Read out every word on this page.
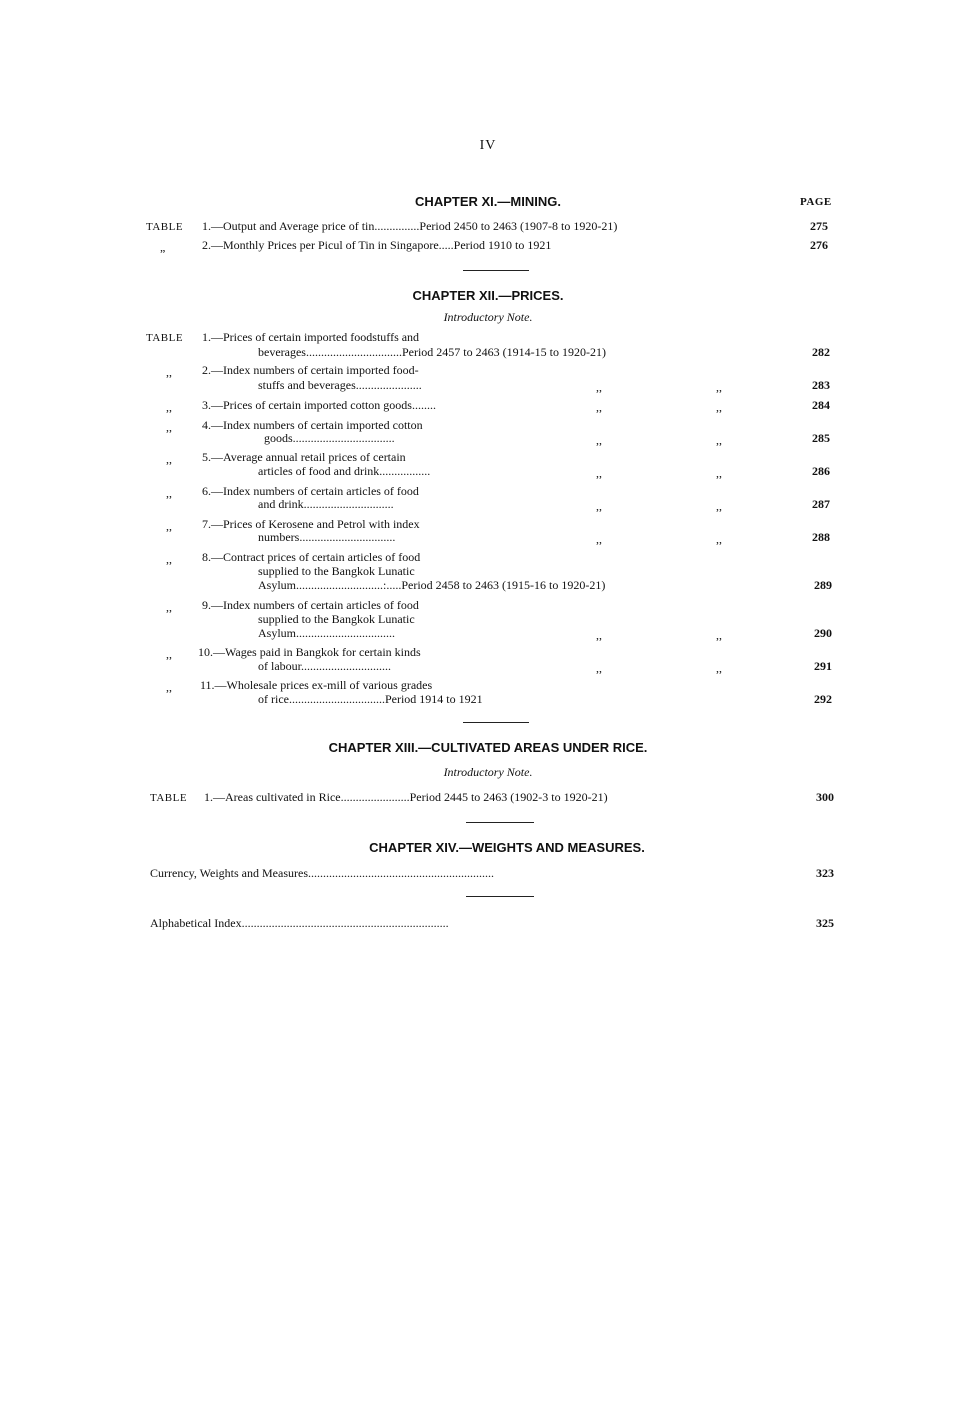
IV
CHAPTER XI.—MINING.	PAGE
TABLE 1.—Output and Average price of tin...............Period 2450 to 2463 (1907-8 to 1920-21)	275
„	2.—Monthly Prices per Picul of Tin in Singapore.....Period 1910 to 1921	276
CHAPTER XII.—PRICES.
Introductory Note.
TABLE 1.—Prices of certain imported foodstuffs and
beverages................................Period 2457 to 2463 (1914-15 to 1920-21)	282
,,	2.—Index numbers of certain imported food-
stuffs and beverages......................	,,	,,	283
,,	3.—Prices of certain imported cotton goods........	,,	,,	284
,,	4.—Index numbers of certain imported cotton
goods..................................	,,	,,	285
,,	5.—Average annual retail prices of certain
articles of food and drink.................	,,	,,	286
,,	6.—Index numbers of certain articles of food
and drink..............................	,,	,,	287
,,	7.—Prices of Kerosene and Petrol with index
numbers................................	,,	,,	288
,,	8.—Contract prices of certain articles of food
supplied to the Bangkok Lunatic
Asylum.............................:.....Period 2458 to 2463 (1915-16 to 1920-21)	289
,,	9.—Index numbers of certain articles of food
supplied to the Bangkok Lunatic
Asylum.................................	,,	,,	290
,, 10.—Wages paid in Bangkok for certain kinds
of labour..............................	,,	,,	291
,, 11.—Wholesale prices ex-mill of various grades
of rice................................Period 1914 to 1921	292
CHAPTER XIII.—CULTIVATED AREAS UNDER RICE.
Introductory Note.
TABLE 1.—Areas cultivated in Rice.......................Period 2445 to 2463 (1902-3 to 1920-21)	300
CHAPTER XIV.—WEIGHTS AND MEASURES.
Currency, Weights and Measures..............................................................	323
Alphabetical Index.....................................................................	325
